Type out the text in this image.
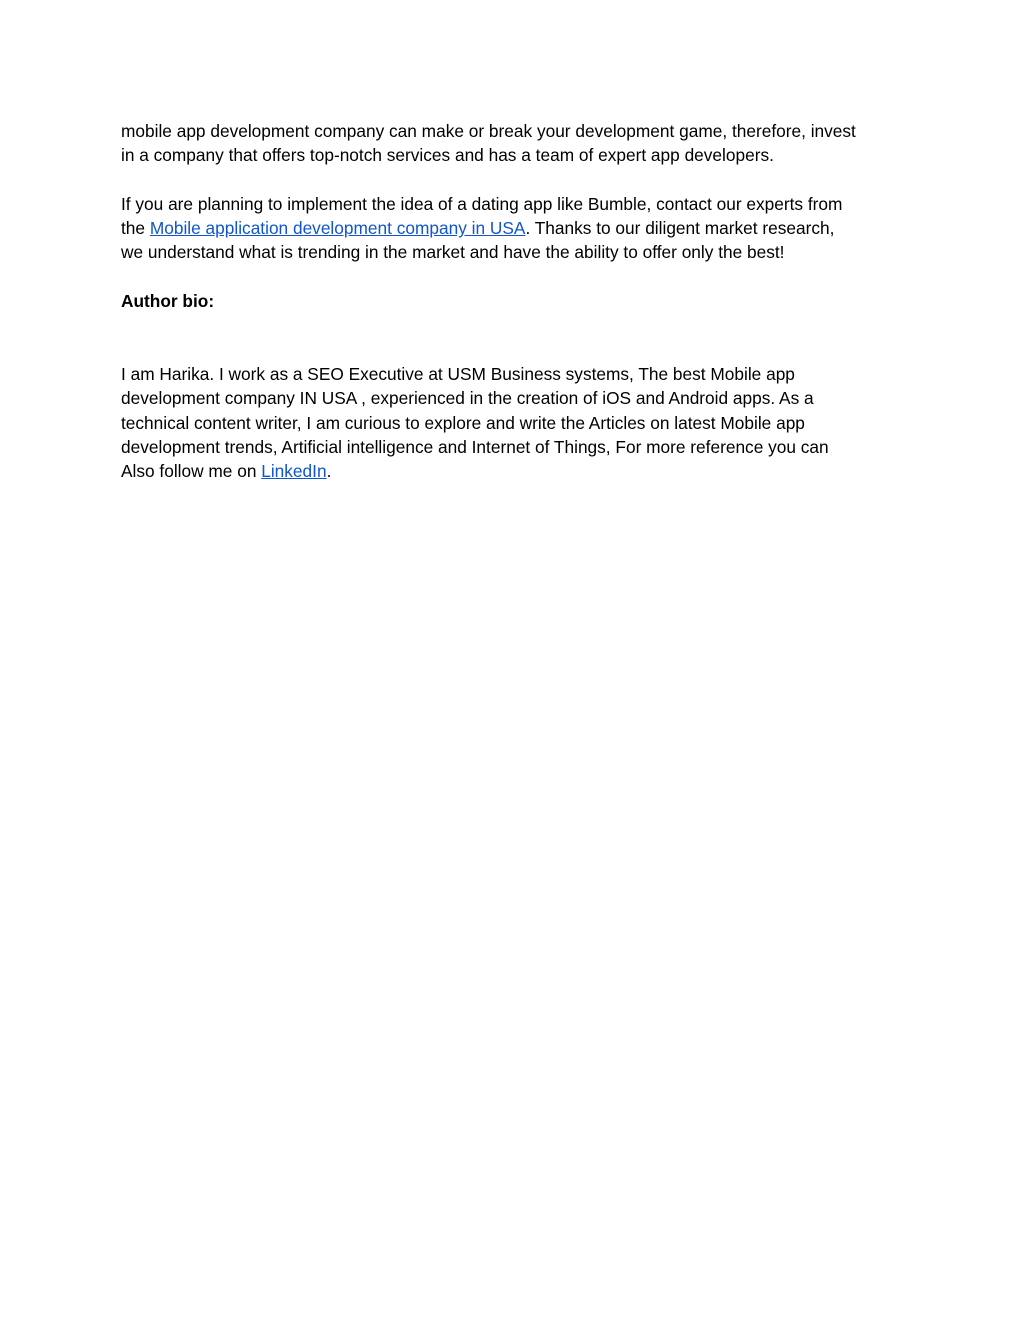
mobile app development company can make or break your development game, therefore, invest
in a company that offers top-notch services and has a team of expert app developers.

If you are planning to implement the idea of a dating app like Bumble, contact our experts from
the Mobile application development company in USA. Thanks to our diligent market research,
we understand what is trending in the market and have the ability to offer only the best!

Author bio:

I am Harika. I work as a SEO Executive at USM Business systems, The best Mobile app
development company IN USA , experienced in the creation of iOS and Android apps. As a
technical content writer, I am curious to explore and write the Articles on latest Mobile app
development trends, Artificial intelligence and Internet of Things, For more reference you can
Also follow me on LinkedIn.
